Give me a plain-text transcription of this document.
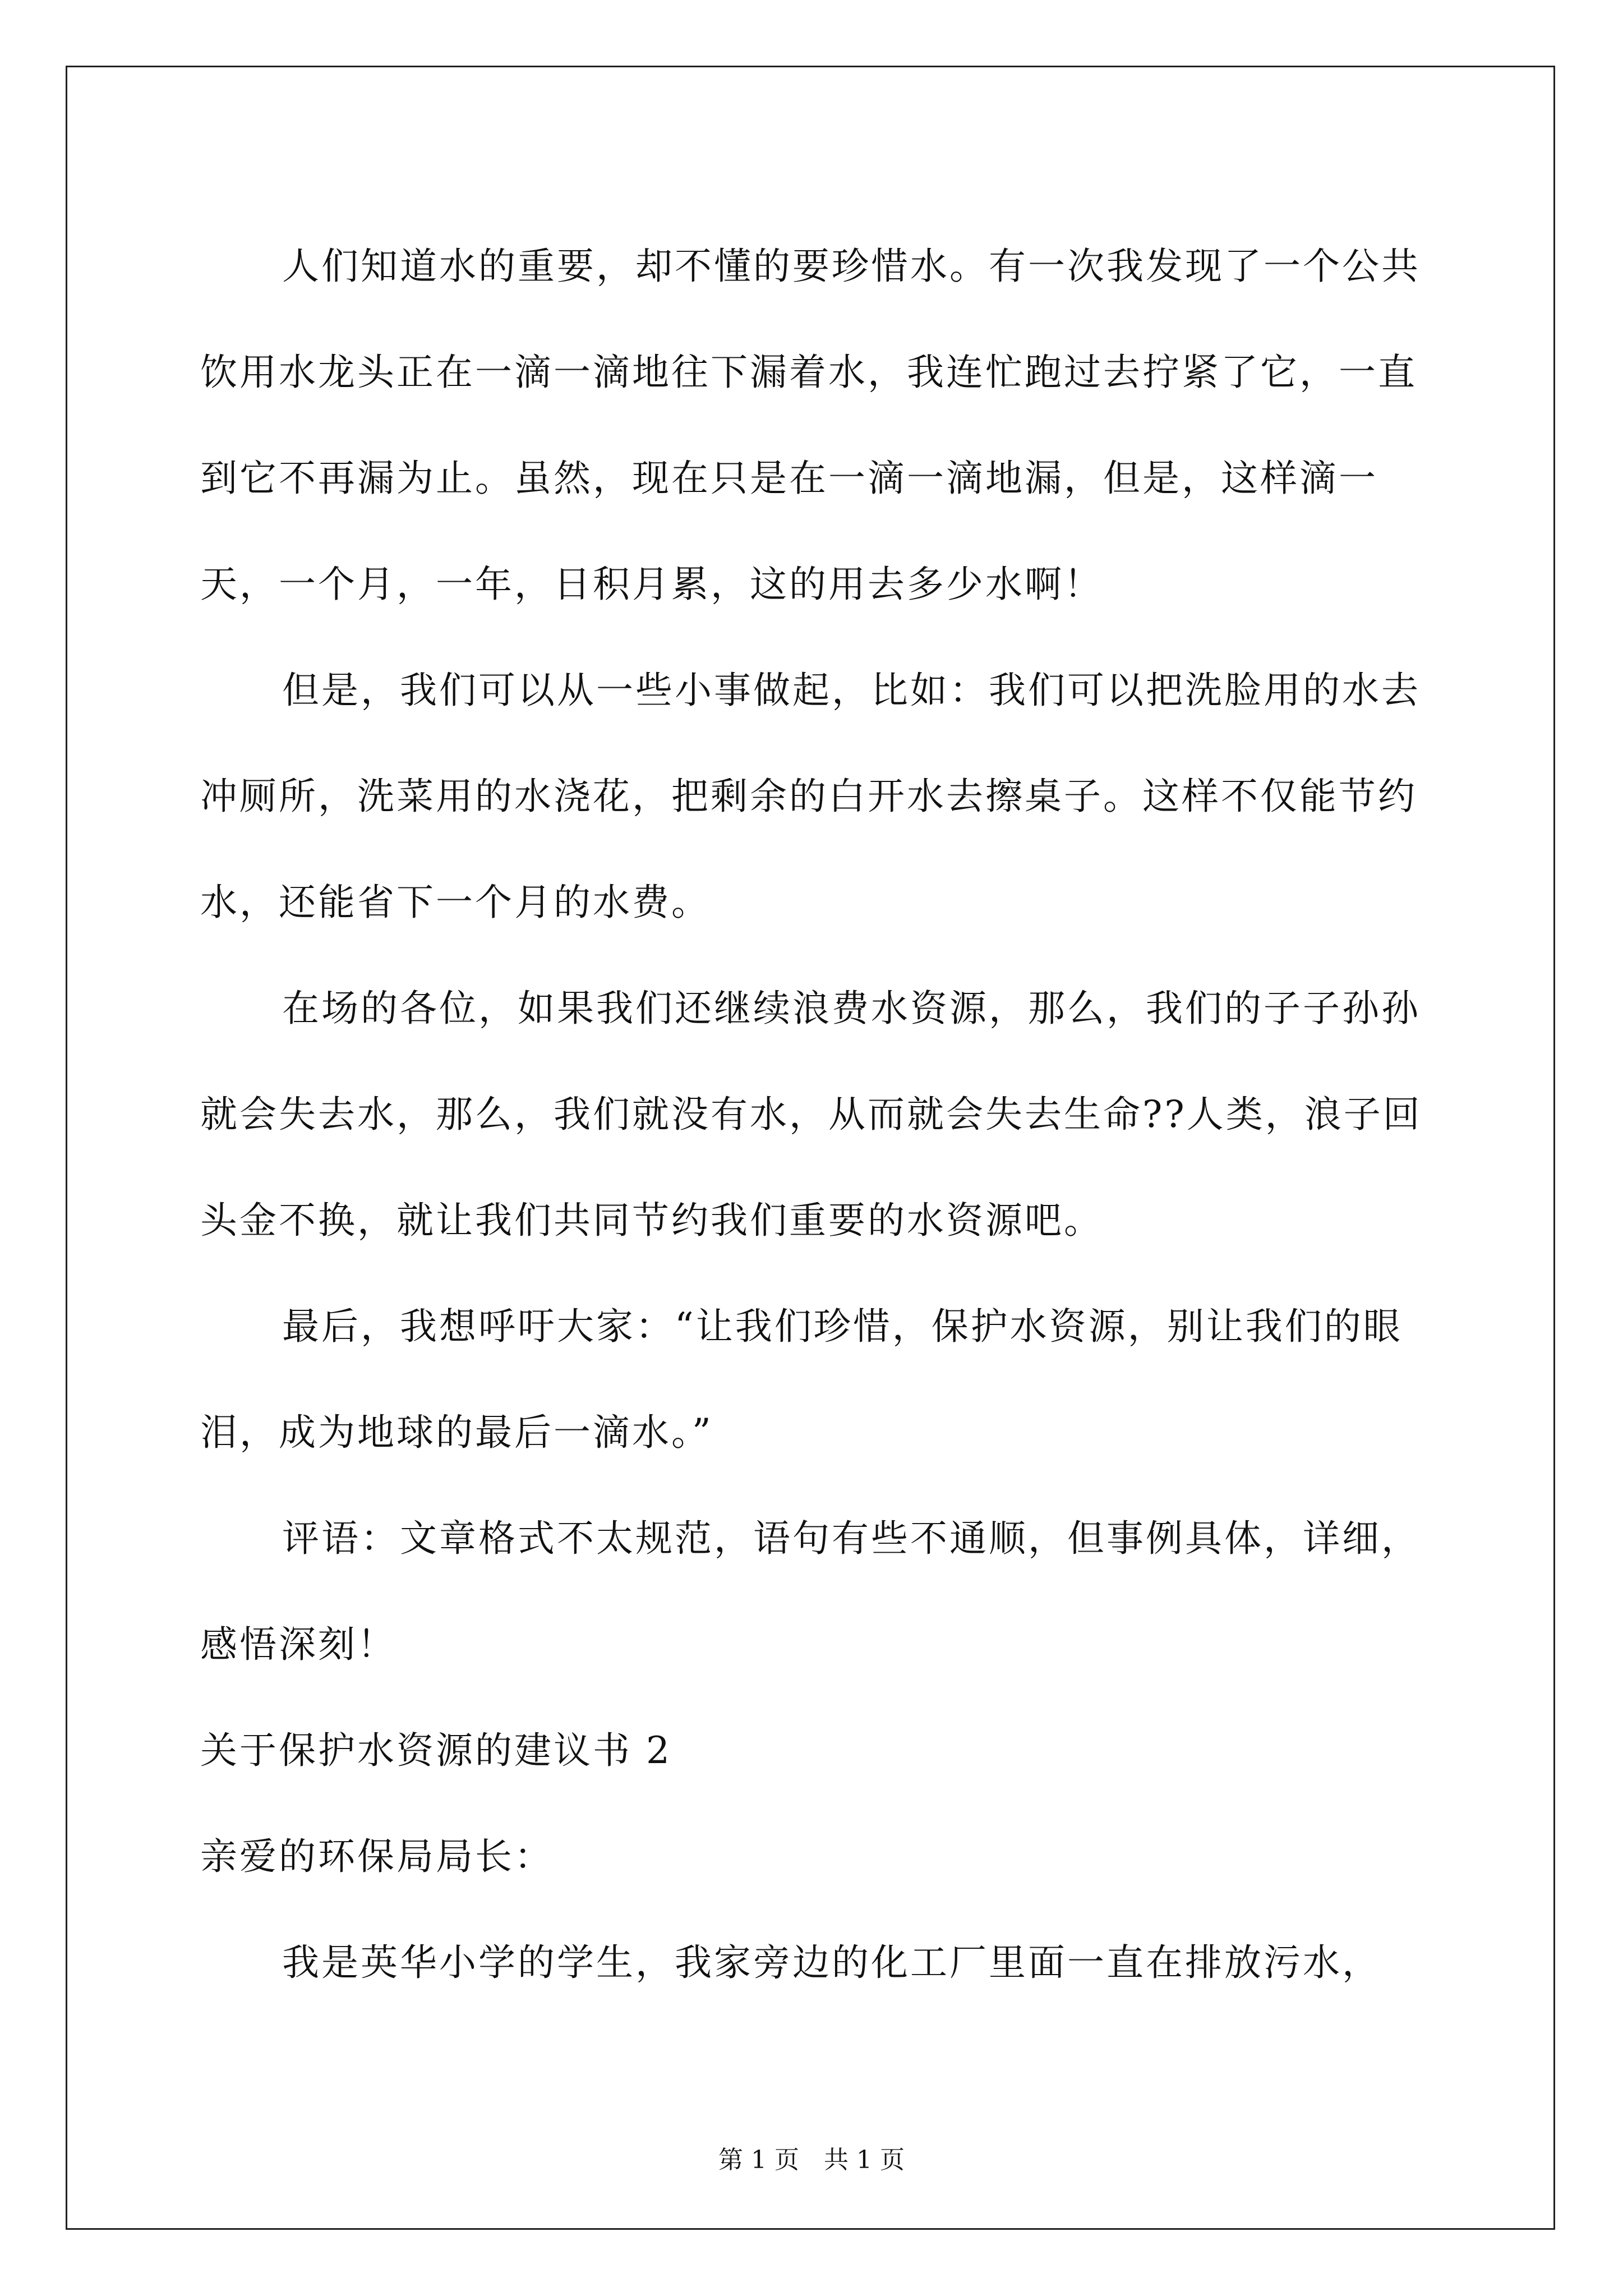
人们知道水的重要，却不懂的要珍惜水。有一次我发现了一个公共饮用水龙头正在一滴一滴地往下漏着水，我连忙跑过去拧紧了它，一直到它不再漏为止。虽然，现在只是在一滴一滴地漏，但是，这样滴一天，一个月，一年，日积月累，这的用去多少水啊！

但是，我们可以从一些小事做起，比如：我们可以把洗脸用的水去冲厕所，洗菜用的水浇花，把剩余的白开水去擦桌子。这样不仅能节约水，还能省下一个月的水费。

在场的各位，如果我们还继续浪费水资源，那么，我们的子子孙孙就会失去水，那么，我们就没有水，从而就会失去生命??人类，浪子回头金不换，就让我们共同节约我们重要的水资源吧。

最后，我想呼吁大家：“让我们珍惜，保护水资源，别让我们的眼泪，成为地球的最后一滴水。”

评语：文章格式不太规范，语句有些不通顺，但事例具体，详细，感悟深刻！

关于保护水资源的建议书 2

亲爱的环保局局长：

我是英华小学的学生，我家旁边的化工厂里面一直在排放污水，

第 1 页　共 1 页
